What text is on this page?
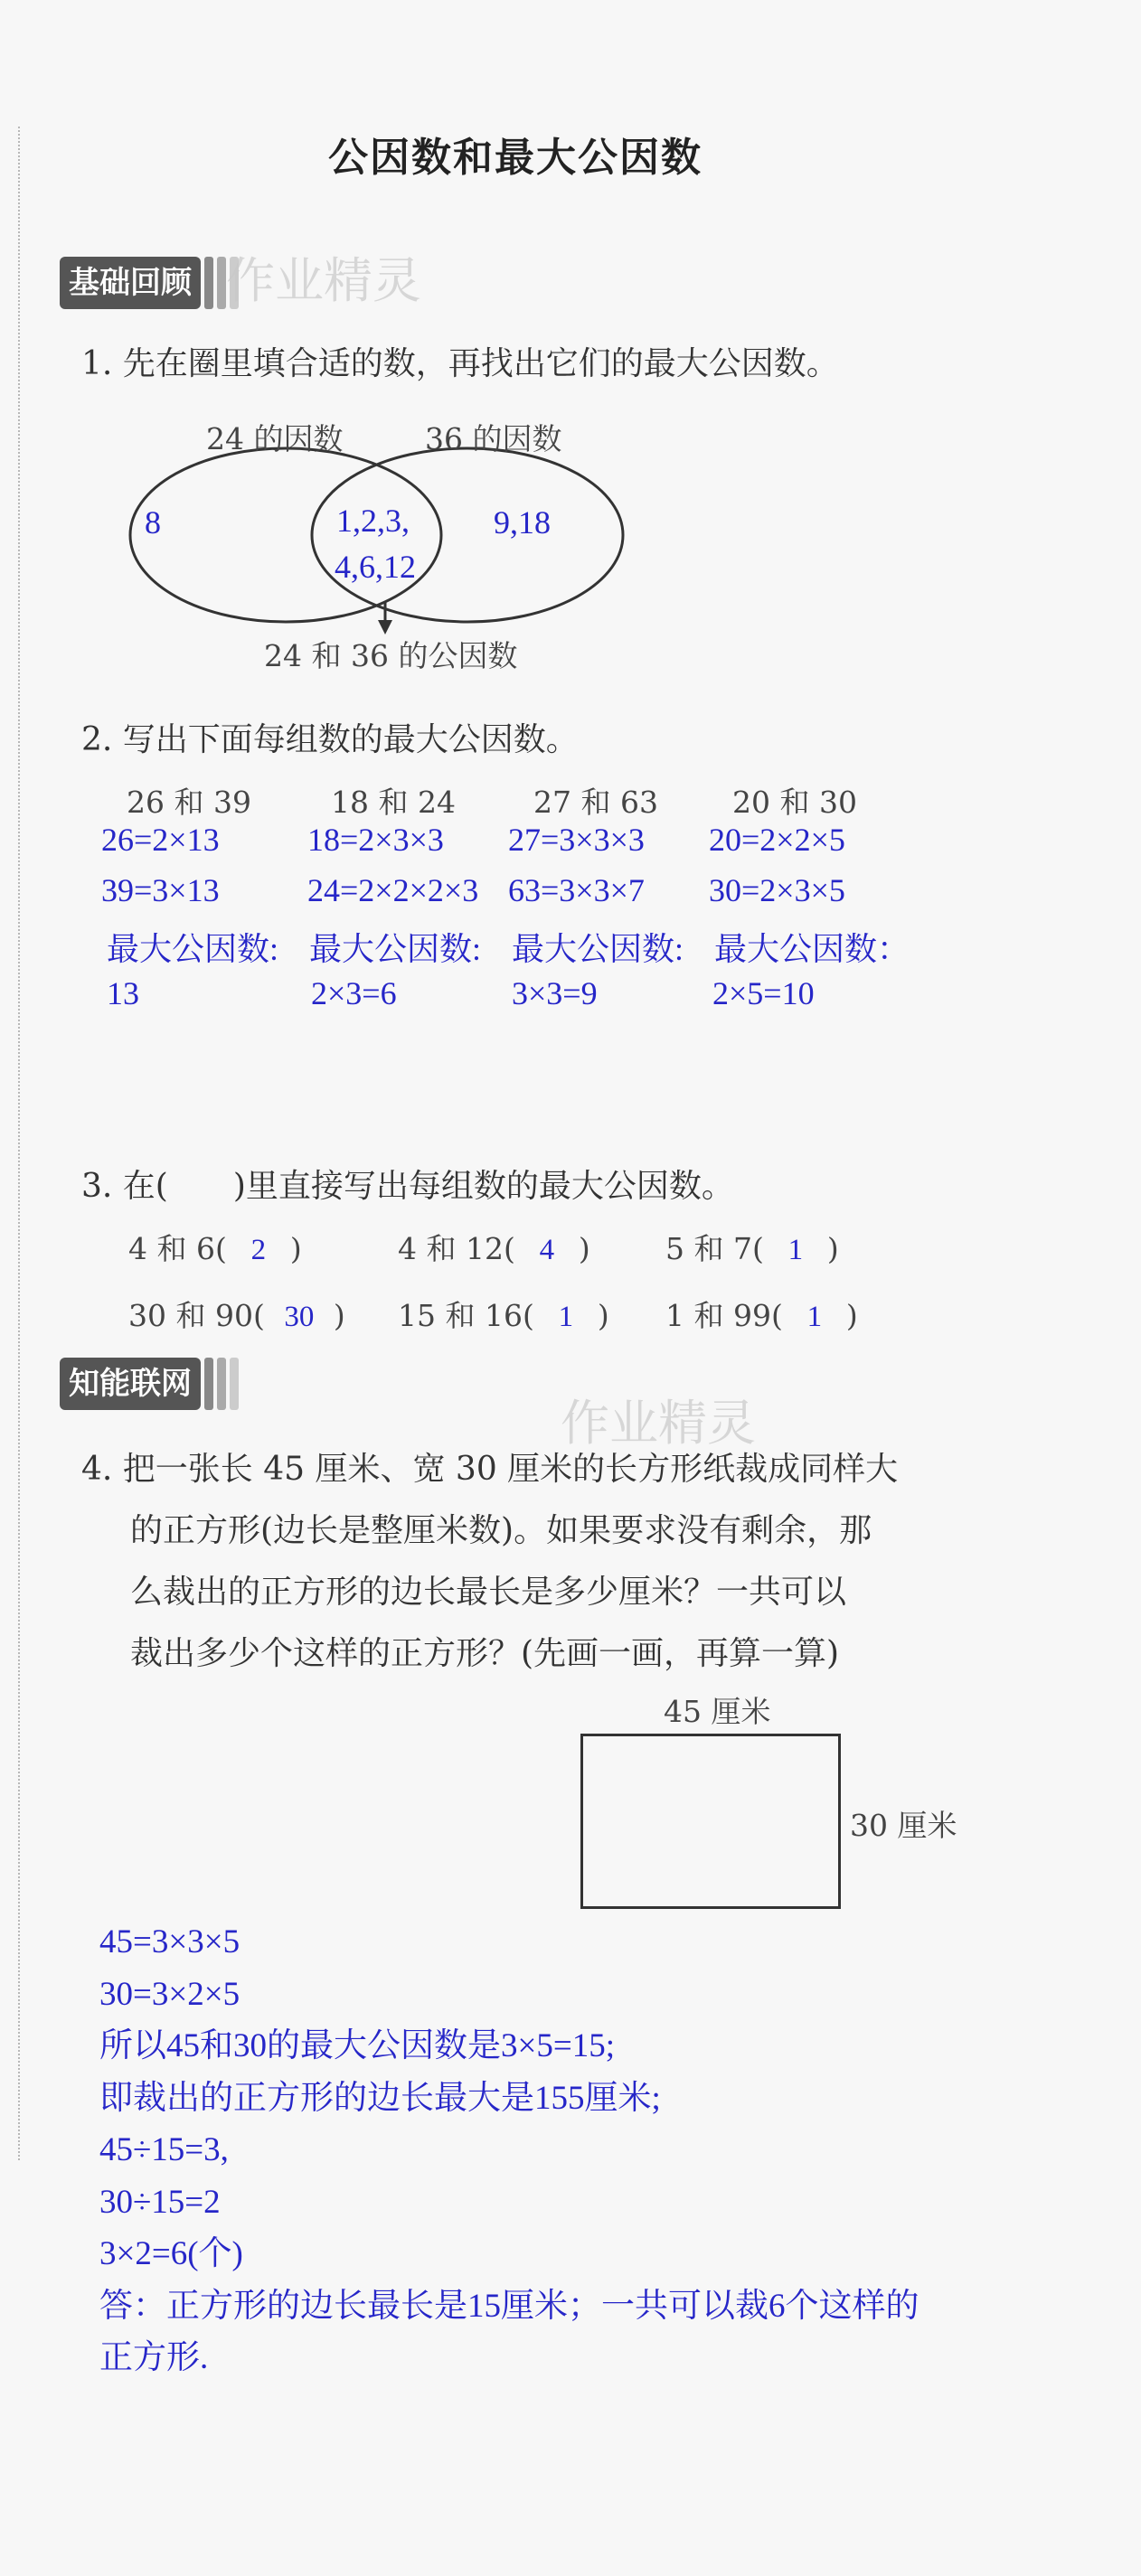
公因数和最大公因数
基础回顾 作业精灵
1. 先在圈里填合适的数，再找出它们的最大公因数。
24 的因数	36 的因数
24 和 36 的公因数
8	1,2,3,
4,6,12
9,18
2. 写出下面每组数的最大公因数。
26 和 39	18 和 24	27 和 63 20 和 30
26=2×13	18=2×3×3 27=3×3×3 20=2×2×5
39=3×13	24=2×2×2×3 63=3×3×7 30=2×3×5
最大公因数: 最大公因数: 最大公因数: 最大公因数：
13	2×3=6	3×3=9	2×5=10
3. 在(　　)里直接写出每组数的最大公因数。
4 和 6( 2 )	4 和 12( 4 )	5 和 7( 1 )
30 和 90( 30 ) 15 和 16( 1 ) 1 和 99( 1 )
知能联网
作业精灵
4. 把一张长 45 厘米、宽 30 厘米的长方形纸裁成同样大
的正方形(边长是整厘米数)。如果要求没有剩余，那
么裁出的正方形的边长最长是多少厘米？一共可以
裁出多少个这样的正方形？(先画一画，再算一算)
45 厘米
30 厘米
45=3×3×5
30=3×2×5
所以45和30的最大公因数是3×5=15;
即裁出的正方形的边长最大是155厘米;
45÷15=3,
30÷15=2
3×2=6(个)
答：正方形的边长最长是15厘米；一共可以裁6个这样的
正方形.
